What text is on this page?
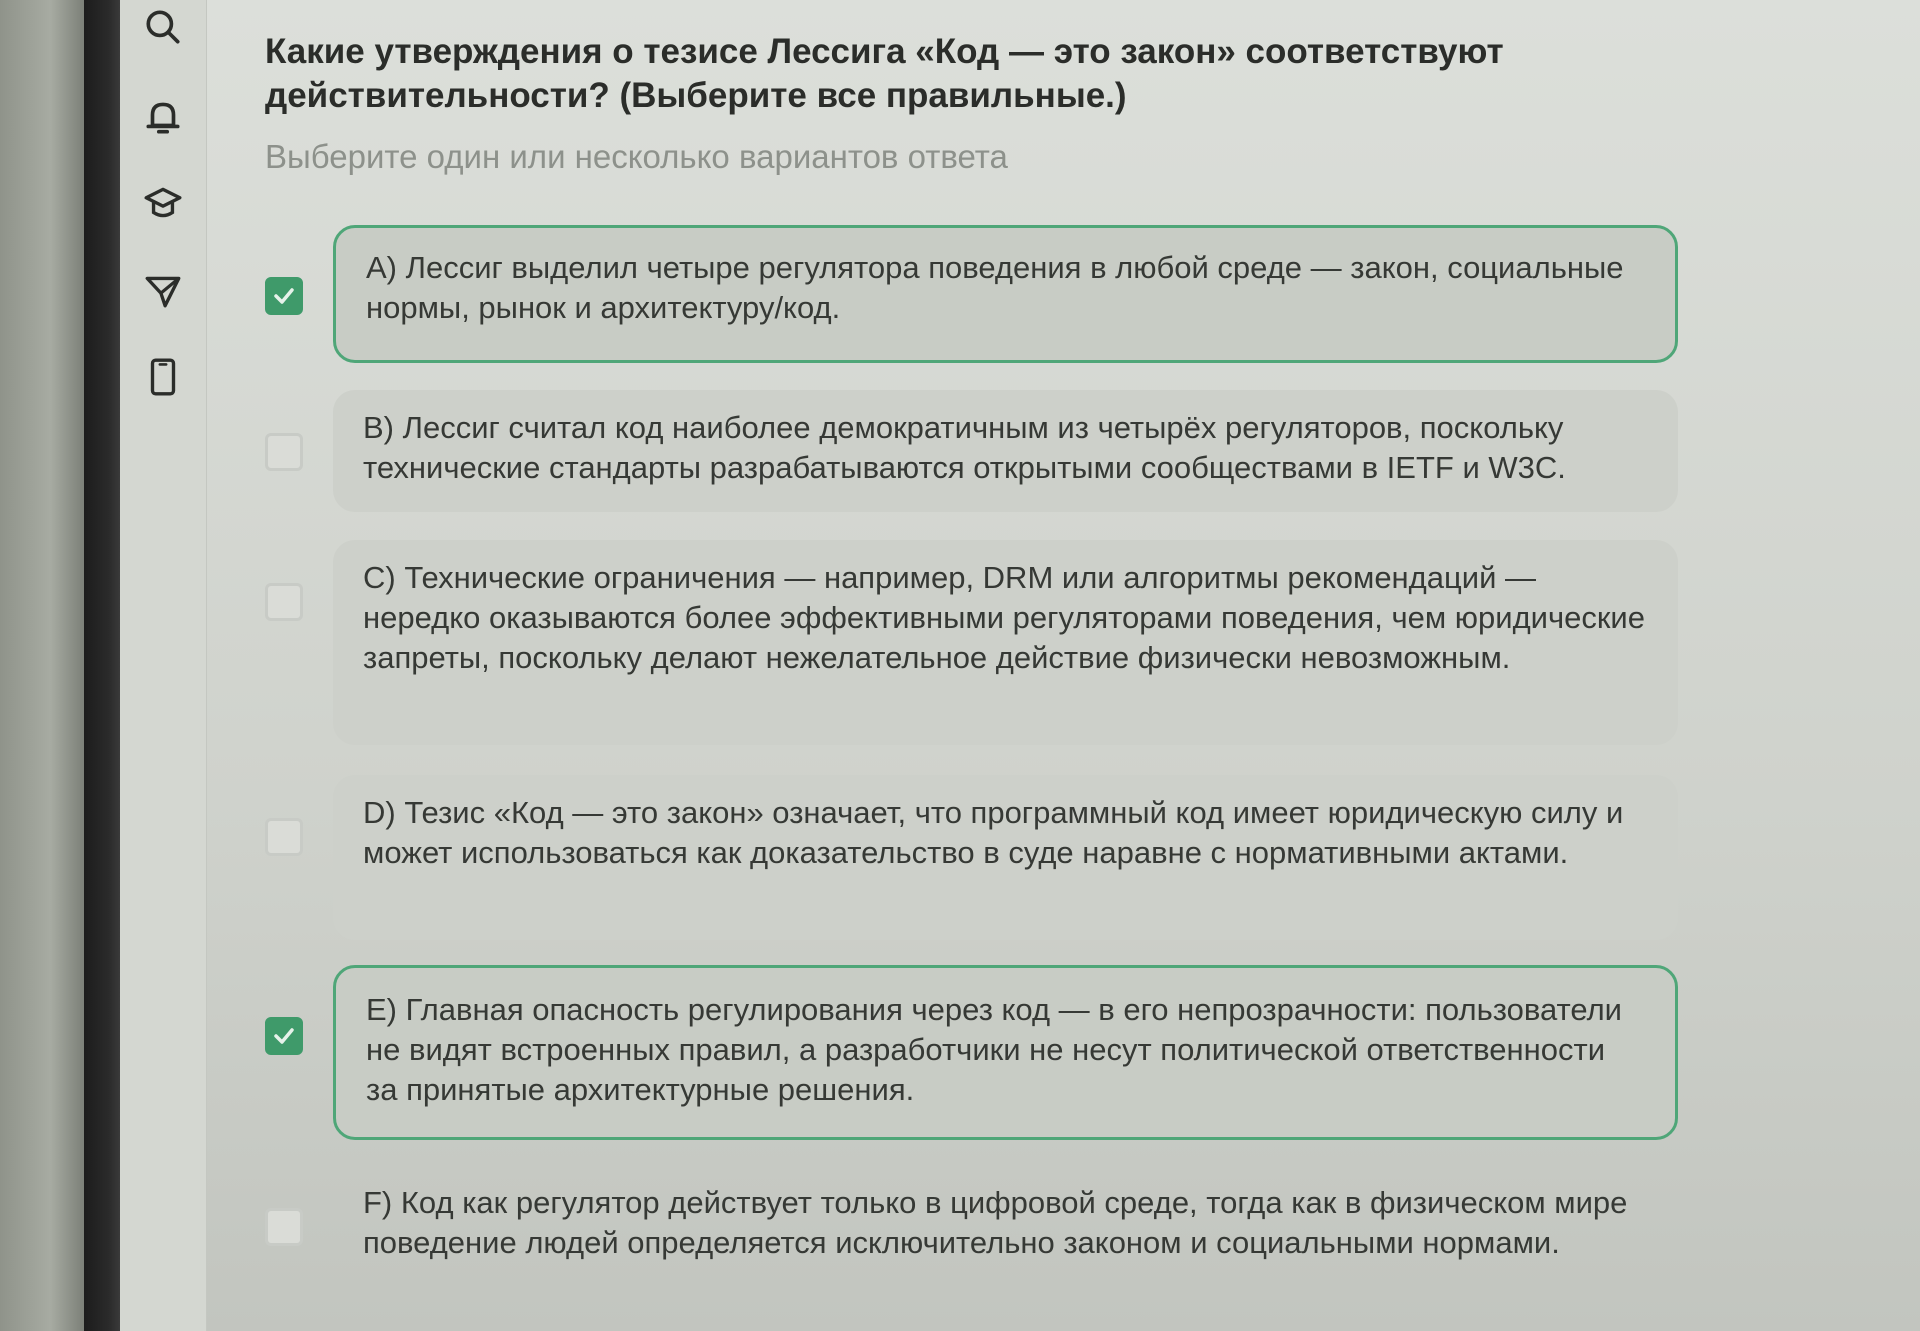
Какие утверждения о тезисе Лессига «Код — это закон» соответствуют действительности? (Выберите все правильные.)

Выберите один или несколько вариантов ответа
A) Лессиг выделил четыре регулятора поведения в любой среде — закон, социальные нормы, рынок и архитектуру/код.
B) Лессиг считал код наиболее демократичным из четырёх регуляторов, поскольку технические стандарты разрабатываются открытыми сообществами в IETF и W3C.
C) Технические ограничения — например, DRM или алгоритмы рекомендаций — нередко оказываются более эффективными регуляторами поведения, чем юридические запреты, поскольку делают нежелательное действие физически невозможным.
D) Тезис «Код — это закон» означает, что программный код имеет юридическую силу и может использоваться как доказательство в суде наравне с нормативными актами.
E) Главная опасность регулирования через код — в его непрозрачности: пользователи не видят встроенных правил, а разработчики не несут политической ответственности за принятые архитектурные решения.
F) Код как регулятор действует только в цифровой среде, тогда как в физическом мире поведение людей определяется исключительно законом и социальными нормами.
